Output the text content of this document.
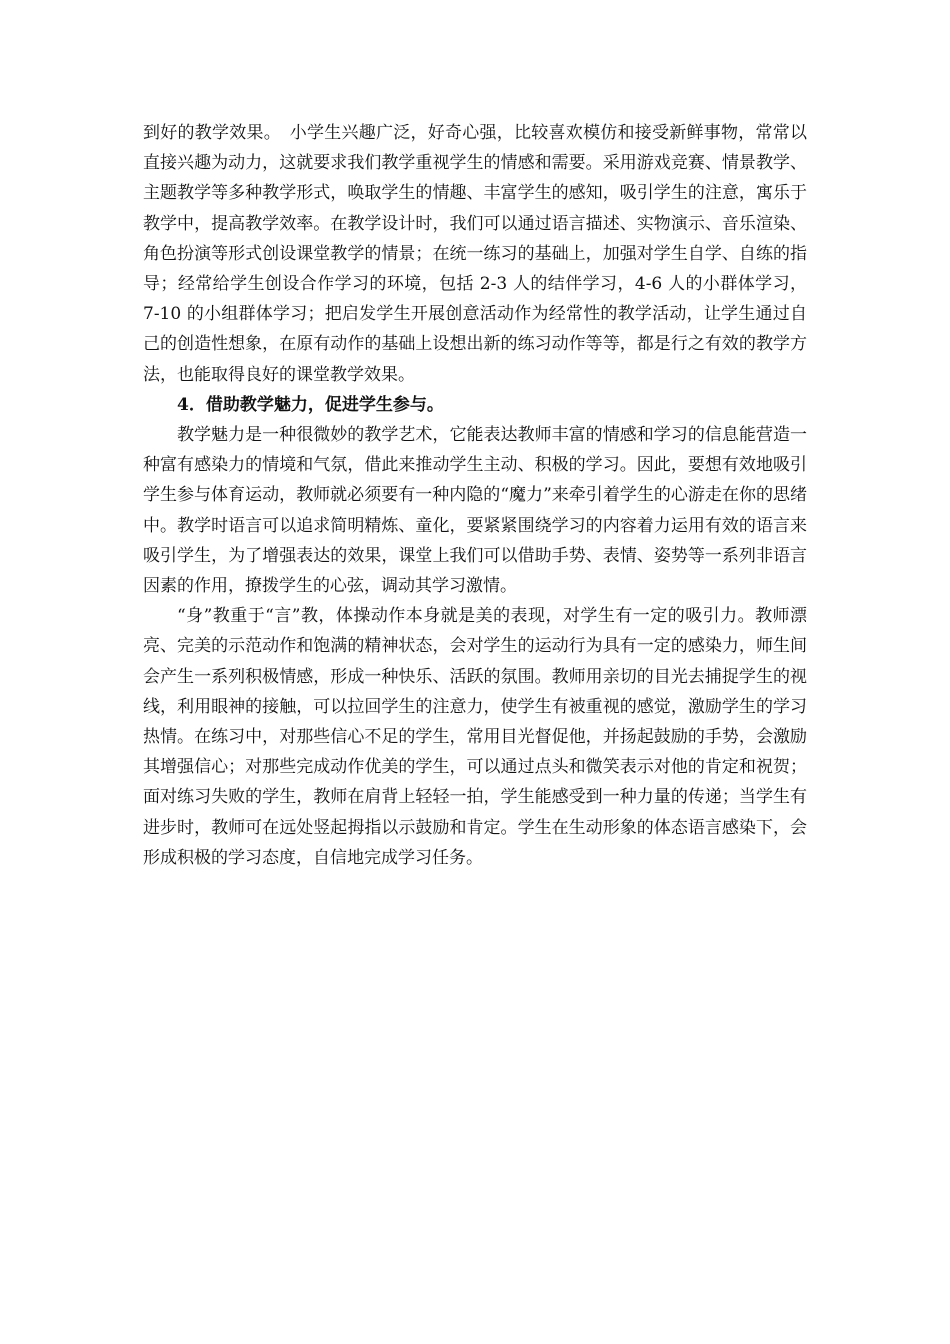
到好的教学效果。　小学生兴趣广泛，好奇心强，比较喜欢模仿和接受新鲜事物，常常以直接兴趣为动力，这就要求我们教学重视学生的情感和需要。采用游戏竞赛、情景教学、主题教学等多种教学形式，唤取学生的情趣、丰富学生的感知，吸引学生的注意，寓乐于教学中，提高教学效率。在教学设计时，我们可以通过语言描述、实物演示、音乐渲染、角色扮演等形式创设课堂教学的情景；在统一练习的基础上，加强对学生自学、自练的指导；经常给学生创设合作学习的环境，包括 2-3 人的结伴学习，4-6 人的小群体学习，7-10 的小组群体学习；把启发学生开展创意活动作为经常性的教学活动，让学生通过自己的创造性想象，在原有动作的基础上设想出新的练习动作等等，都是行之有效的教学方法，也能取得良好的课堂教学效果。

4．借助教学魅力，促进学生参与。

教学魅力是一种很微妙的教学艺术，它能表达教师丰富的情感和学习的信息能营造一种富有感染力的情境和气氛，借此来推动学生主动、积极的学习。因此，要想有效地吸引学生参与体育运动，教师就必须要有一种内隐的“魔力”来牵引着学生的心游走在你的思绪中。教学时语言可以追求简明精炼、童化，要紧紧围绕学习的内容着力运用有效的语言来吸引学生，为了增强表达的效果，课堂上我们可以借助手势、表情、姿势等一系列非语言因素的作用，撩拨学生的心弦，调动其学习激情。

“身”教重于“言”教，体操动作本身就是美的表现，对学生有一定的吸引力。教师漂亮、完美的示范动作和饱满的精神状态，会对学生的运动行为具有一定的感染力，师生间会产生一系列积极情感，形成一种快乐、活跃的氛围。教师用亲切的目光去捕捉学生的视线，利用眼神的接触，可以拉回学生的注意力，使学生有被重视的感觉，激励学生的学习热情。在练习中，对那些信心不足的学生，常用目光督促他，并扬起鼓励的手势，会激励其增强信心；对那些完成动作优美的学生，可以通过点头和微笑表示对他的肯定和祝贺；面对练习失败的学生，教师在肩背上轻轻一拍，学生能感受到一种力量的传递；当学生有进步时，教师可在远处竖起拇指以示鼓励和肯定。学生在生动形象的体态语言感染下，会形成积极的学习态度，自信地完成学习任务。
